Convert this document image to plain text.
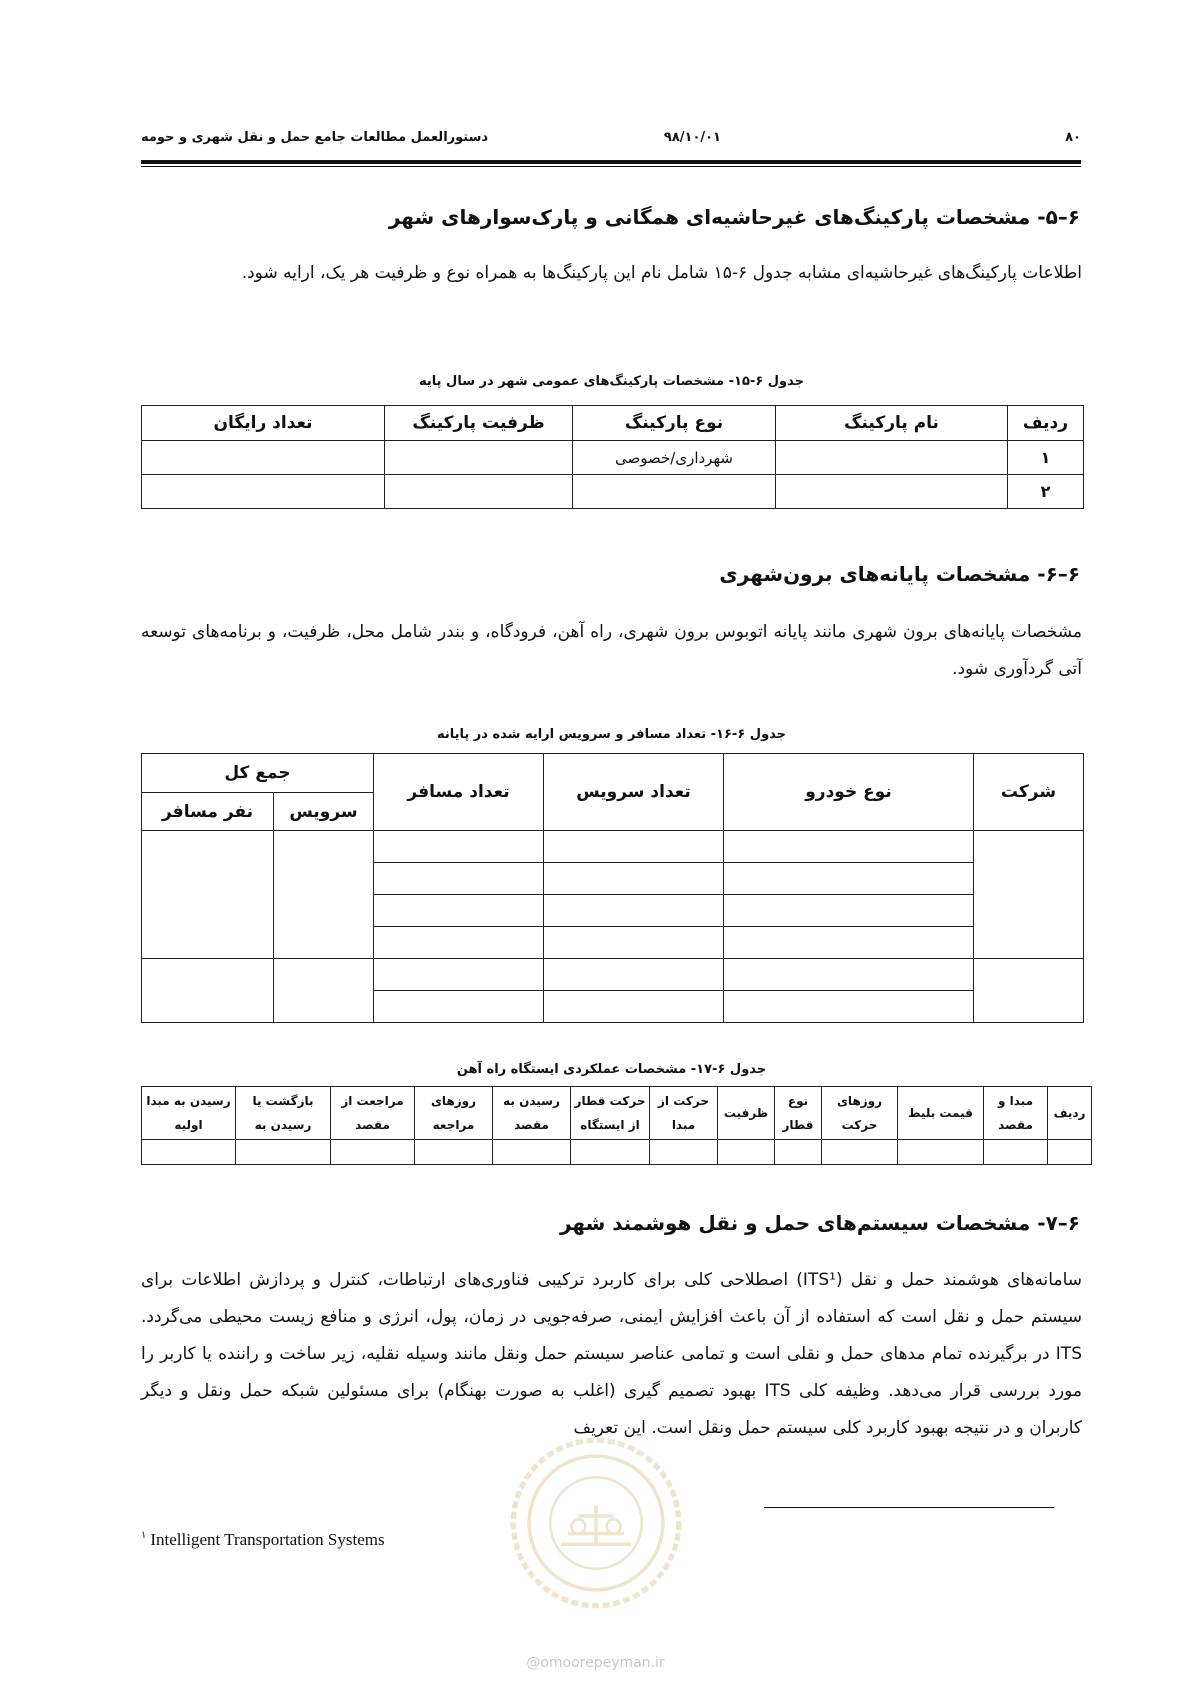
۸۰
۹۸/۱۰/۰۱
دستورالعمل مطالعات جامع حمل و نقل شهری و حومه
۶–۵- مشخصات پارکینگ‌های غیرحاشیه‌ای همگانی و پارک‌سوارهای شهر

اطلاعات پارکینگ‌های غیرحاشیه‌ای مشابه جدول ۶-۱۵ شامل نام این پارکینگ‌ها به همراه نوع و ظرفیت هر یک، ارایه شود.

جدول ۶-۱۵- مشخصات پارکینگ‌های عمومی شهر در سال پایه
ردیف	نام پارکینگ	نوع پارکینگ	ظرفیت پارکینگ	تعداد رایگان
۱		شهرداری/خصوصی		
۲				
۶–۶- مشخصات پایانه‌های برون‌شهری

مشخصات پایانه‌های برون شهری مانند پایانه اتوبوس برون شهری، راه آهن، فرودگاه، و بندر شامل محل، ظرفیت، و برنامه‌های توسعه آتی گردآوری شود.

جدول ۶-۱۶- تعداد مسافر و سرویس ارایه شده در پایانه
شرکت	نوع خودرو	تعداد سرویس	تعداد مسافر	جمع کل	
				سرویس	نفر مسافر

جدول ۶-۱۷- مشخصات عملکردی ایستگاه راه آهن
ردیف	مبدا و مقصد	قیمت بلیط	روزهای حرکت	نوع قطار	ظرفیت	حرکت از مبدا	حرکت قطار از ایستگاه	رسیدن به مقصد	روزهای مراجعه	مراجعت از مقصد	بازگشت یا رسیدن به	رسیدن به مبدا اولیه

۶–۷- مشخصات سیستم‌های حمل و نقل هوشمند شهر

سامانه‌های هوشمند حمل و نقل (ITS¹) اصطلاحی کلی برای کاربرد ترکیبی فناوری‌های ارتباطات، کنترل و پردازش اطلاعات برای سیستم حمل و نقل است که استفاده از آن باعث افزایش ایمنی، صرفه‌جویی در زمان، پول، انرژی و منافع زیست محیطی می‌گردد. ITS در برگیرنده تمام مدهای حمل و نقلی است و تمامی عناصر سیستم حمل ونقل مانند وسیله نقلیه، زیر ساخت و راننده یا کاربر را مورد بررسی قرار می‌دهد. وظیفه کلی ITS بهبود تصمیم گیری (اغلب به صورت بهنگام) برای مسئولین شبکه حمل ونقل و دیگر کاربران و در نتیجه بهبود کاربرد کلی سیستم حمل ونقل است. این تعریف

$^۱$ Intelligent Transportation Systems
@omoorepeyman.ir
